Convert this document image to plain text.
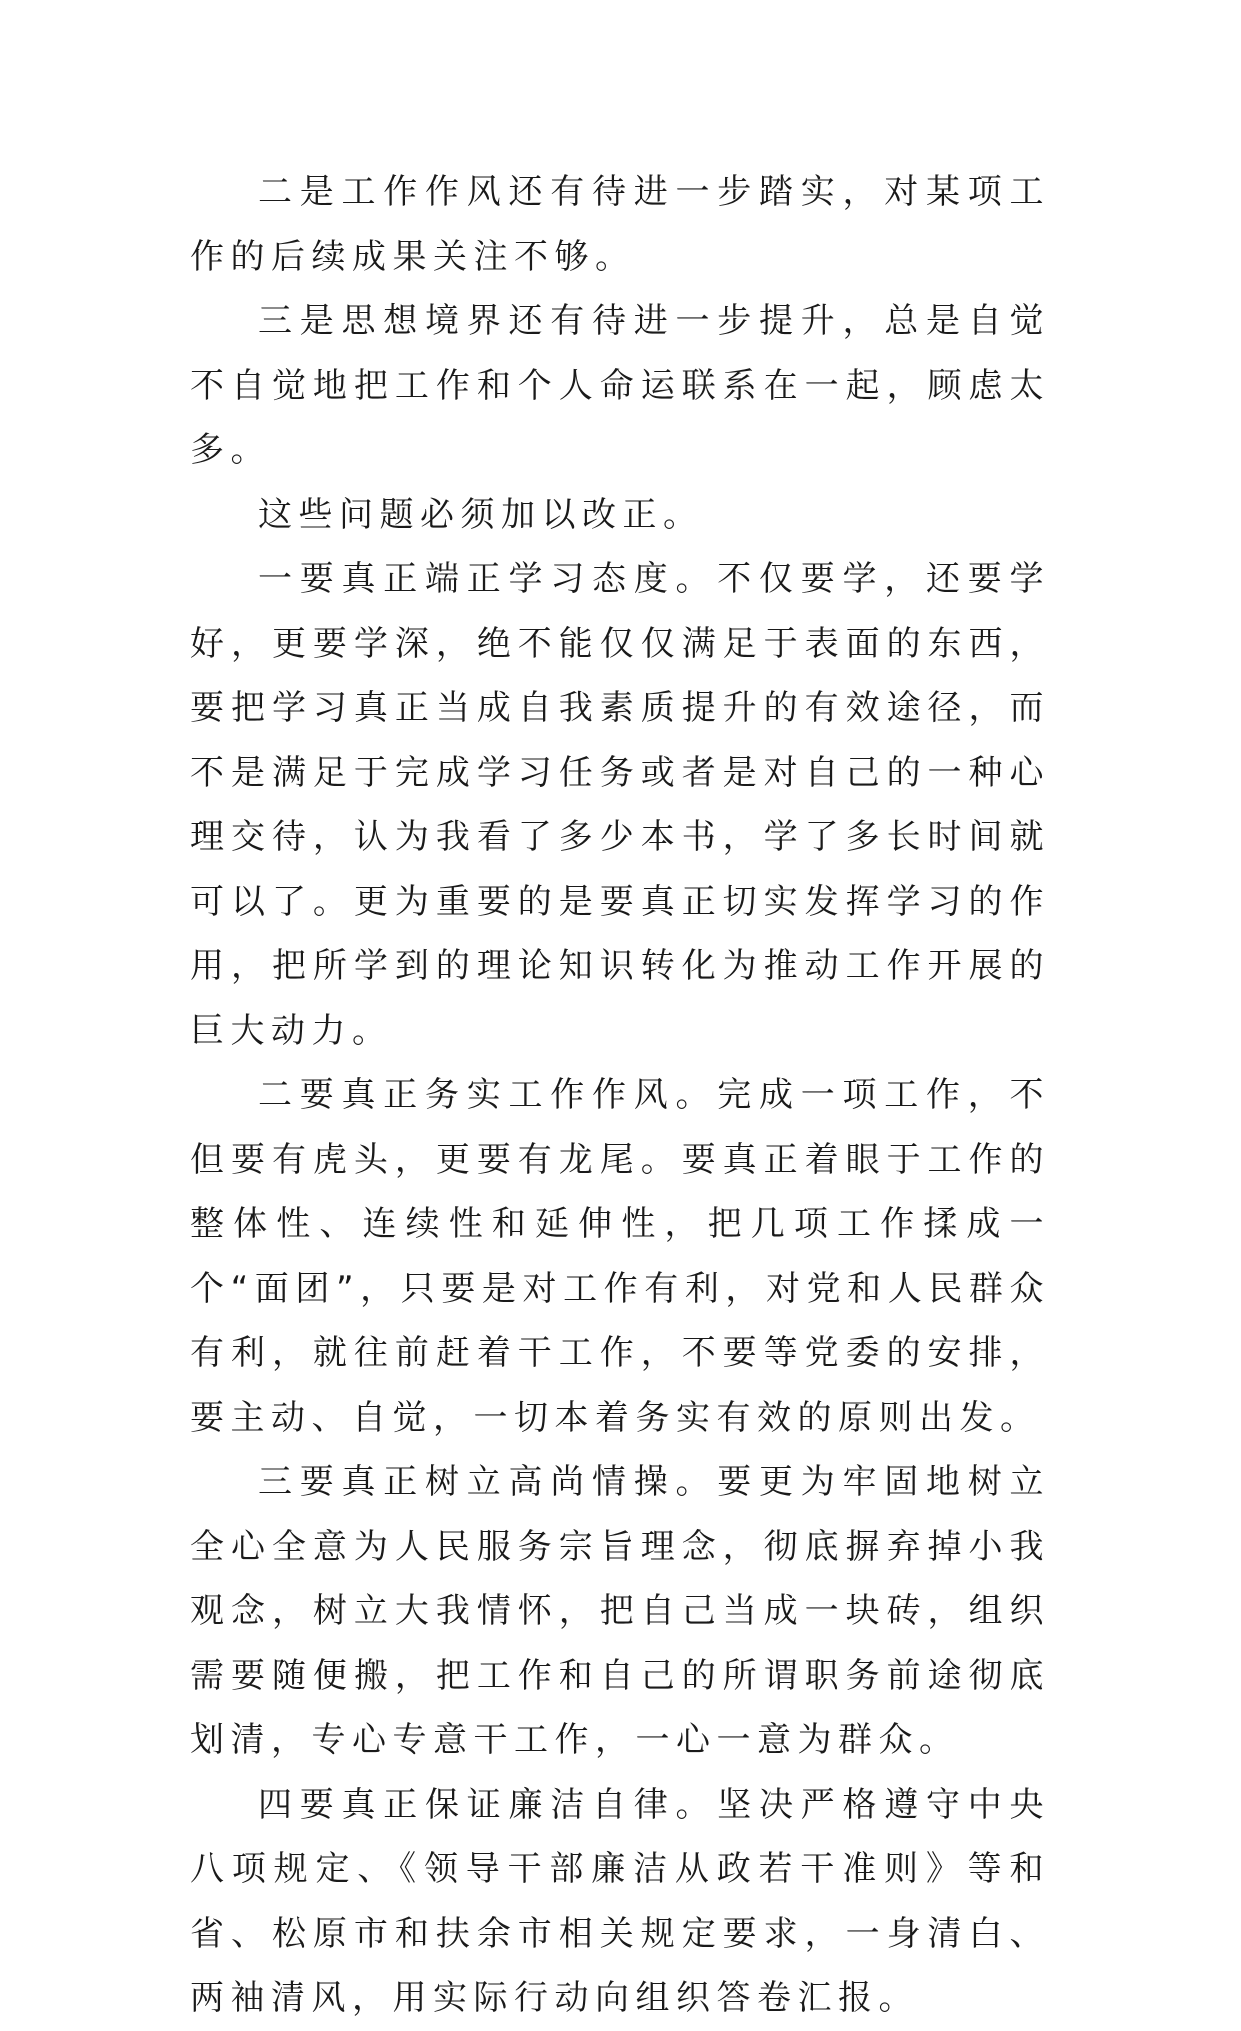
二是工作作风还有待进一步踏实，对某项工作的后续成果关注不够。

三是思想境界还有待进一步提升，总是自觉不自觉地把工作和个人命运联系在一起，顾虑太多。

这些问题必须加以改正。

一要真正端正学习态度。不仅要学，还要学好，更要学深，绝不能仅仅满足于表面的东西，要把学习真正当成自我素质提升的有效途径，而不是满足于完成学习任务或者是对自己的一种心理交待，认为我看了多少本书，学了多长时间就可以了。更为重要的是要真正切实发挥学习的作用，把所学到的理论知识转化为推动工作开展的巨大动力。

二要真正务实工作作风。完成一项工作，不但要有虎头，更要有龙尾。要真正着眼于工作的整体性、连续性和延伸性，把几项工作揉成一个“面团”，只要是对工作有利，对党和人民群众有利，就往前赶着干工作，不要等党委的安排，要主动、自觉，一切本着务实有效的原则出发。

三要真正树立高尚情操。要更为牢固地树立全心全意为人民服务宗旨理念，彻底摒弃掉小我观念，树立大我情怀，把自己当成一块砖，组织需要随便搬，把工作和自己的所谓职务前途彻底划清，专心专意干工作，一心一意为群众。

四要真正保证廉洁自律。坚决严格遵守中央八项规定、《领导干部廉洁从政若干准则》等和省、松原市和扶余市相关规定要求，一身清白、两袖清风，用实际行动向组织答卷汇报。
